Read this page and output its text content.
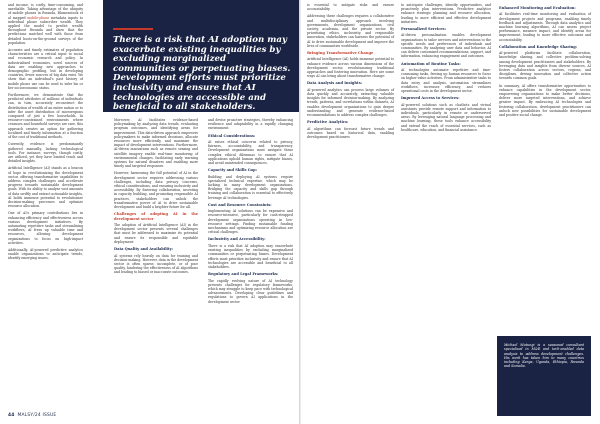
and income, is costly, time-consuming, and unreliable. Taking advantage of the ubiquity of mobile phones in Rwanda, Blumenstock et al mapped mobile-phone metadata inputs to individual phone subscriber wealth. They applied the model to predict wealth throughout Rwanda and show that the predictions matched well with those from detailed boots-on-the-ground surveys of the population.

Accurate and timely estimates of population characteristics are a critical input to social and economic research and policy. In industrialized economies, novel sources of data are enabling new approaches to demographic profiling, but in developing countries, fewer sources of big data exist. We show that an individual's past history of mobile phone use can be used to infer his or her socioeconomic status.

Furthermore, we demonstrate that the predicted attributes of millions of individuals can, in turn, accurately reconstruct the distribution of wealth of an entire nation or to infer the asset distribution of microregions composed of just a few households. In resource-constrained environments where censuses and household surveys are rare, this approach creates an option for gathering localized and timely information at a fraction of the cost of traditional methods.

Currently, evidence is predominantly gathered manually, lacking technological tools. For instance, surveys, though costly, are utilized, yet they have limited reach and detailed insights.

Artificial Intelligence (AI) stands as a beacon of hope in revolutionizing the development sector, offering transformative capabilities to address complex challenges and accelerate progress towards sustainable development goals. With its ability to analyze vast amounts of data swiftly and extract actionable insights, AI holds immense potential to revolutionize decision-making processes and optimize resource allocation.

One of AI's primary contributions lies in enhancing efficiency and effectiveness across various development initiatives. By automating repetitive tasks and streamlining workflows, AI frees up valuable time and resources, allowing development organizations to focus on high-impact activities.

Additionally, AI-powered predictive analytics enable organizations to anticipate trends, identify emerging issues,

There is a risk that AI adoption may exacerbate existing inequalities by excluding marginalized communities or perpetuating biases. Development efforts must prioritize inclusivity and ensure that AI technologies are accessible and beneficial to all stakeholders.

Moreover, AI facilitates evidence-based policymaking by analyzing data trends, evaluating program outcomes, and identifying areas for improvement. This data-driven approach empowers policymakers to make informed decisions, allocate resources more efficiently, and maximize the impact of development interventions. Furthermore, AI-driven innovations such as remote sensing and satellite imagery enable real-time monitoring of environmental changes, facilitating early warning systems for natural disasters and enabling more timely and targeted responses.

However, harnessing the full potential of AI in the development sector requires addressing various challenges, including data privacy concerns, ethical considerations, and ensuring inclusivity and accessibility. By fostering collaboration, investing in capacity building, and promoting responsible AI practices, stakeholders can unlock the transformative power of AI to drive sustainable development and build a brighter future for all.

Challenges of adopting AI in the development sector

The adoption of Artificial Intelligence (AI) in the development sector presents several challenges that must be addressed to maximize its potential and ensure its responsible and equitable deployment:

Data Quality and Availability:

AI systems rely heavily on data for training and decision-making. However, data in the development sector is often sparse, incomplete, or of poor quality, hindering the effectiveness of AI algorithms and leading to biased or inaccurate outcomes.

and devise proactive strategies, thereby enhancing resilience and adaptability in a rapidly changing environment.

Ethical Considerations:

AI raises ethical concerns related to privacy, fairness, accountability, and transparency. Development organizations must navigate these complex ethical dilemmas to ensure that AI applications uphold human rights, mitigate biases, and avoid unintended consequences.

Capacity and Skills Gap:

Building and deploying AI systems require specialized technical expertise, which may be lacking in many development organizations. Bridging the capacity and skills gap through training and collaboration is essential to effectively leverage AI technologies.

Cost and Resource Constraints:

Implementing AI solutions can be expensive and resource-intensive, particularly for cash-strapped development organizations operating in low-resource settings. Finding sustainable funding mechanisms and optimizing resource allocation are critical challenges.

Inclusivity and Accessibility:

There is a risk that AI adoption may exacerbate existing inequalities by excluding marginalized communities or perpetuating biases. Development efforts must prioritize inclusivity and ensure that AI technologies are accessible and beneficial to all stakeholders.

Regulatory and Legal Frameworks:

The rapidly evolving nature of AI technology presents challenges for regulatory frameworks, which may struggle to keep pace with technological advancements. Developing clear guidelines and regulations to govern AI applications in the development sector

44 MALSY/24 ISSUE

is essential to mitigate risks and ensure accountability.

Addressing these challenges requires a collaborative and multidisciplinary approach involving governments, development organizations, civil society, academia, and the private sector. By prioritizing ethics, inclusivity, and responsible innovation, stakeholders can harness the potential of AI to drive sustainable development and improve the lives of communities worldwide.

Bringing Transformative Change

Artificial Intelligence (AI) holds immense potential to enhance evidence across various dimensions of the development sector, revolutionizing traditional approaches and fostering innovation. Here are some ways AI can bring about transformative change:

Data Analysis and Insights:

AI-powered analytics can process large volumes of data quickly and accurately, extracting valuable insights for informed decision-making. By analyzing trends, patterns, and correlations within datasets, AI enables development organizations to gain deeper understanding and generate evidence-based recommendations to address complex challenges.

Predictive Analytics:

AI algorithms can forecast future trends and outcomes based on historical data, enabling development practitioners

to anticipate challenges, identify opportunities, and proactively plan interventions. Predictive analytics enhance strategic planning and resource allocation, leading to more efficient and effective development initiatives.

Personalized Services:

AI-driven personalization enables development organizations to tailor services and interventions to the specific needs and preferences of individuals and communities. By analyzing user data and behavior, AI can deliver customized recommendations, support, and information, enhancing engagement and outcomes.

Automation of Routine Tasks:

AI technologies automate repetitive and time-consuming tasks, freeing up human resources to focus on higher-value activities. From administrative tasks to data entry and analysis, automation streamlines workflows, increases efficiency, and reduces operational costs in the development sector.

Improved Access to Services:

AI-powered solutions such as chatbots and virtual assistants provide remote support and information to individuals, particularly in remote or underserved areas. By leveraging natural language processing and machine learning, these tools enhance accessibility and extend the reach of essential services, such as healthcare, education, and financial assistance.

Enhanced Monitoring and Evaluation:

AI facilitates real-time monitoring and evaluation of development projects and programs, enabling timely feedback and adjustments. Through data analytics and machine learning algorithms, AI can assess project performance, measure impact, and identify areas for improvement, leading to more effective outcomes and accountability.

Collaboration and Knowledge Sharing:

AI-powered platforms facilitate collaboration, knowledge sharing, and collective problem-solving among development practitioners and stakeholders. By leveraging data and insights from diverse sources, AI fosters collaboration across sectors, regions, and disciplines, driving innovation and collective action towards common goals.

In summary, AI offers transformative opportunities to enhance capabilities in the development sector, empowering organizations to make better decisions, deliver more targeted interventions, and achieve greater impact. By embracing AI technologies and fostering collaboration, development practitioners can unlock new possibilities for sustainable development and positive social change.

Michael Mutungi is a seasoned consultant specialized in M&E and tech-enabled data analysis to address development challenges. His work has taken him to many countries including Kenya, Uganda, Ethiopia, Rwanda and Somalia.
